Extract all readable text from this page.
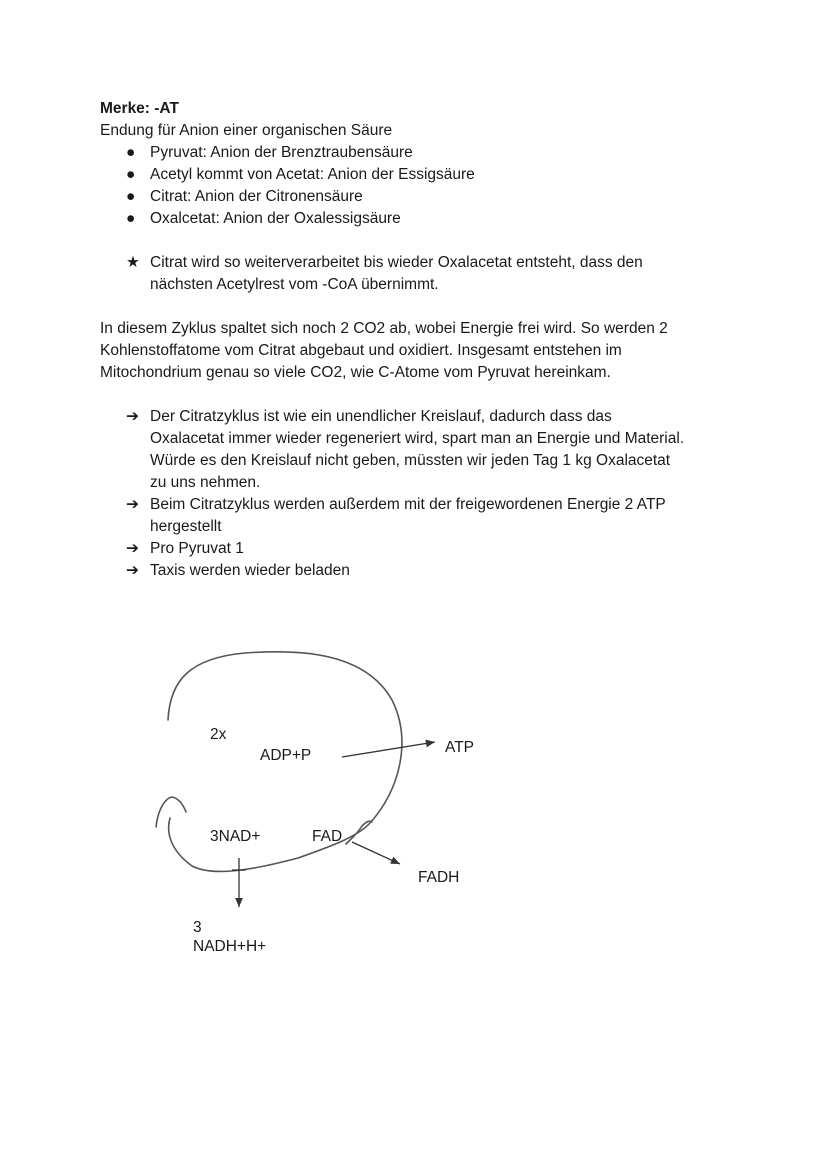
Merke: -AT
Endung für Anion einer organischen Säure
● Pyruvat: Anion der Brenztraubensäure
● Acetyl kommt von Acetat: Anion der Essigsäure
● Citrat: Anion der Citronensäure
● Oxalcetat: Anion der Oxalessigsäure
★ Citrat wird so weiterverarbeitet bis wieder Oxalacetat entsteht, dass den
nächsten Acetylrest vom -CoA übernimmt.
In diesem Zyklus spaltet sich noch 2 CO2 ab, wobei Energie frei wird. So werden 2
Kohlenstoffatome vom Citrat abgebaut und oxidiert. Insgesamt entstehen im
Mitochondrium genau so viele CO2, wie C-Atome vom Pyruvat hereinkam.
➔ Der Citratzyklus ist wie ein unendlicher Kreislauf, dadurch dass das
Oxalacetat immer wieder regeneriert wird, spart man an Energie und Material.
Würde es den Kreislauf nicht geben, müssten wir jeden Tag 1 kg Oxalacetat
zu uns nehmen.
➔ Beim Citratzyklus werden außerdem mit der freigewordenen Energie 2 ATP
hergestellt
➔ Pro Pyruvat 1
➔ Taxis werden wieder beladen
2x
ADP+P	ATP
3NAD+	FAD
FADH
3
NADH+H+
